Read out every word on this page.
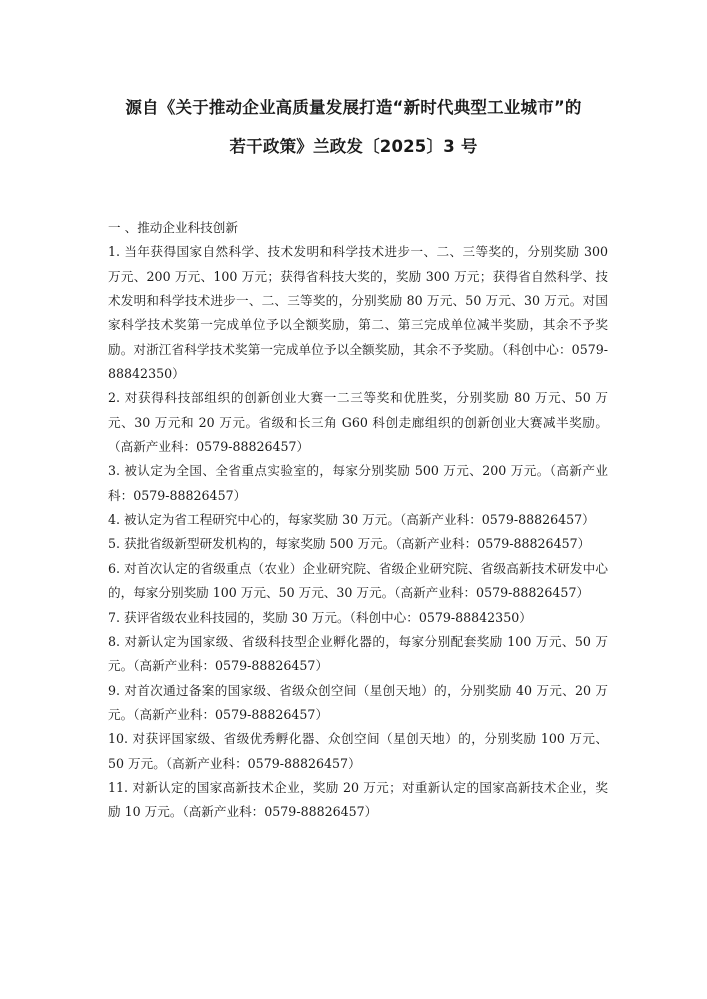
源自《关于推动企业高质量发展打造“新时代典型工业城市”的
若干政策》兰政发〔2025〕3 号

一 、推动企业科技创新

1. 当年获得国家自然科学、技术发明和科学技术进步一、二、三等奖的，分别奖励 300 万元、200 万元、100 万元；获得省科技大奖的，奖励 300 万元；获得省自然科学、技术发明和科学技术进步一、二、三等奖的，分别奖励 80 万元、50 万元、30 万元。对国家科学技术奖第一完成单位予以全额奖励，第二、第三完成单位减半奖励，其余不予奖励。对浙江省科学技术奖第一完成单位予以全额奖励，其余不予奖励。（科创中心：0579-88842350）

2. 对获得科技部组织的创新创业大赛一二三等奖和优胜奖，分别奖励 80 万元、50 万元、30 万元和 20 万元。省级和长三角 G60 科创走廊组织的创新创业大赛减半奖励。（高新产业科：0579-88826457）

3. 被认定为全国、全省重点实验室的，每家分别奖励 500 万元、200 万元。（高新产业科：0579-88826457）

4. 被认定为省工程研究中心的，每家奖励 30 万元。（高新产业科：0579-88826457）

5. 获批省级新型研发机构的，每家奖励 500 万元。（高新产业科：0579-88826457）

6. 对首次认定的省级重点（农业）企业研究院、省级企业研究院、省级高新技术研发中心的，每家分别奖励 100 万元、50 万元、30 万元。（高新产业科：0579-88826457）

7. 获评省级农业科技园的，奖励 30 万元。（科创中心：0579-88842350）

8. 对新认定为国家级、省级科技型企业孵化器的，每家分别配套奖励 100 万元、50 万元。（高新产业科：0579-88826457）

9. 对首次通过备案的国家级、省级众创空间（星创天地）的，分别奖励 40 万元、20 万元。（高新产业科：0579-88826457）

10. 对获评国家级、省级优秀孵化器、众创空间（星创天地）的，分别奖励 100 万元、50 万元。（高新产业科：0579-88826457）

11. 对新认定的国家高新技术企业，奖励 20 万元；对重新认定的国家高新技术企业，奖励 10 万元。（高新产业科：0579-88826457）
